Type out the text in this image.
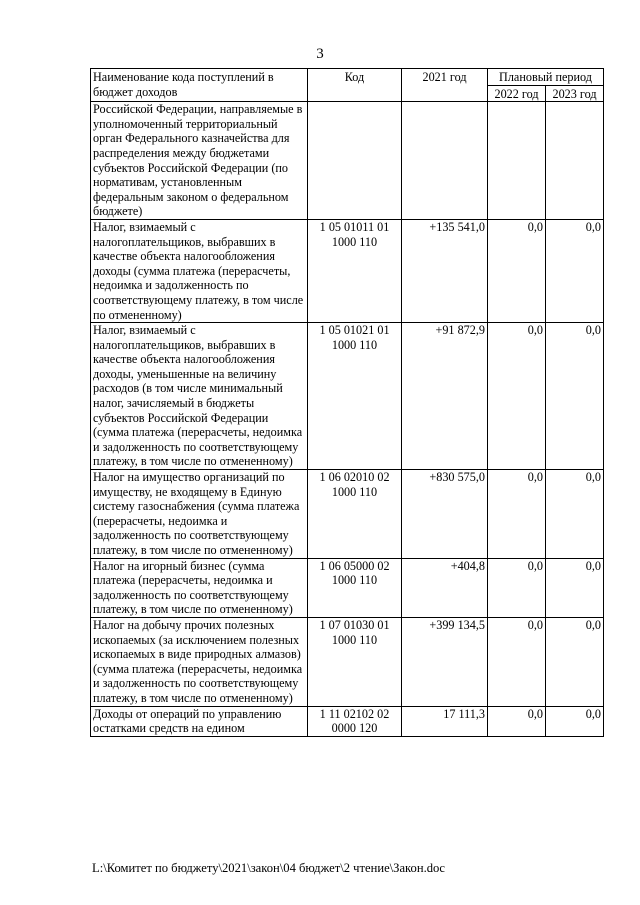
3
Наименование кода поступлений в бюджет доходов	Код	2021 год	Плановый период	
			2022 год	2023 год
Российской Федерации, направляемые в уполномоченный территориальный орган Федерального казначейства для распределения между бюджетами субъектов Российской Федерации (по нормативам, установленным федеральным законом о федеральном бюджете)				
Налог, взимаемый с налогоплательщиков, выбравших в качестве объекта налогообложения доходы (сумма платежа (перерасчеты, недоимка и задолженность по соответствующему платежу, в том числе по отмененному)	1 05 01011 01 1000 110	+135 541,0	0,0	0,0
Налог, взимаемый с налогоплательщиков, выбравших в качестве объекта налогообложения доходы, уменьшенные на величину расходов (в том числе минимальный налог, зачисляемый в бюджеты субъектов Российской Федерации (сумма платежа (перерасчеты, недоимка и задолженность по соответствующему платежу, в том числе по отмененному)	1 05 01021 01 1000 110	+91 872,9	0,0	0,0
Налог на имущество организаций по имуществу, не входящему в Единую систему газоснабжения (сумма платежа (перерасчеты, недоимка и задолженность по соответствующему платежу, в том числе по отмененному)	1 06 02010 02 1000 110	+830 575,0	0,0	0,0
Налог на игорный бизнес (сумма платежа (перерасчеты, недоимка и задолженность по соответствующему платежу, в том числе по отмененному)	1 06 05000 02 1000 110	+404,8	0,0	0,0
Налог на добычу прочих полезных ископаемых (за исключением полезных ископаемых в виде природных алмазов) (сумма платежа (перерасчеты, недоимка и задолженность по соответствующему платежу, в том числе по отмененному)	1 07 01030 01 1000 110	+399 134,5	0,0	0,0
Доходы от операций по управлению остатками средств на едином	1 11 02102 02 0000 120	17 111,3	0,0	0,0
L:\Комитет по бюджету\2021\закон\04 бюджет\2 чтение\Закон.doc
